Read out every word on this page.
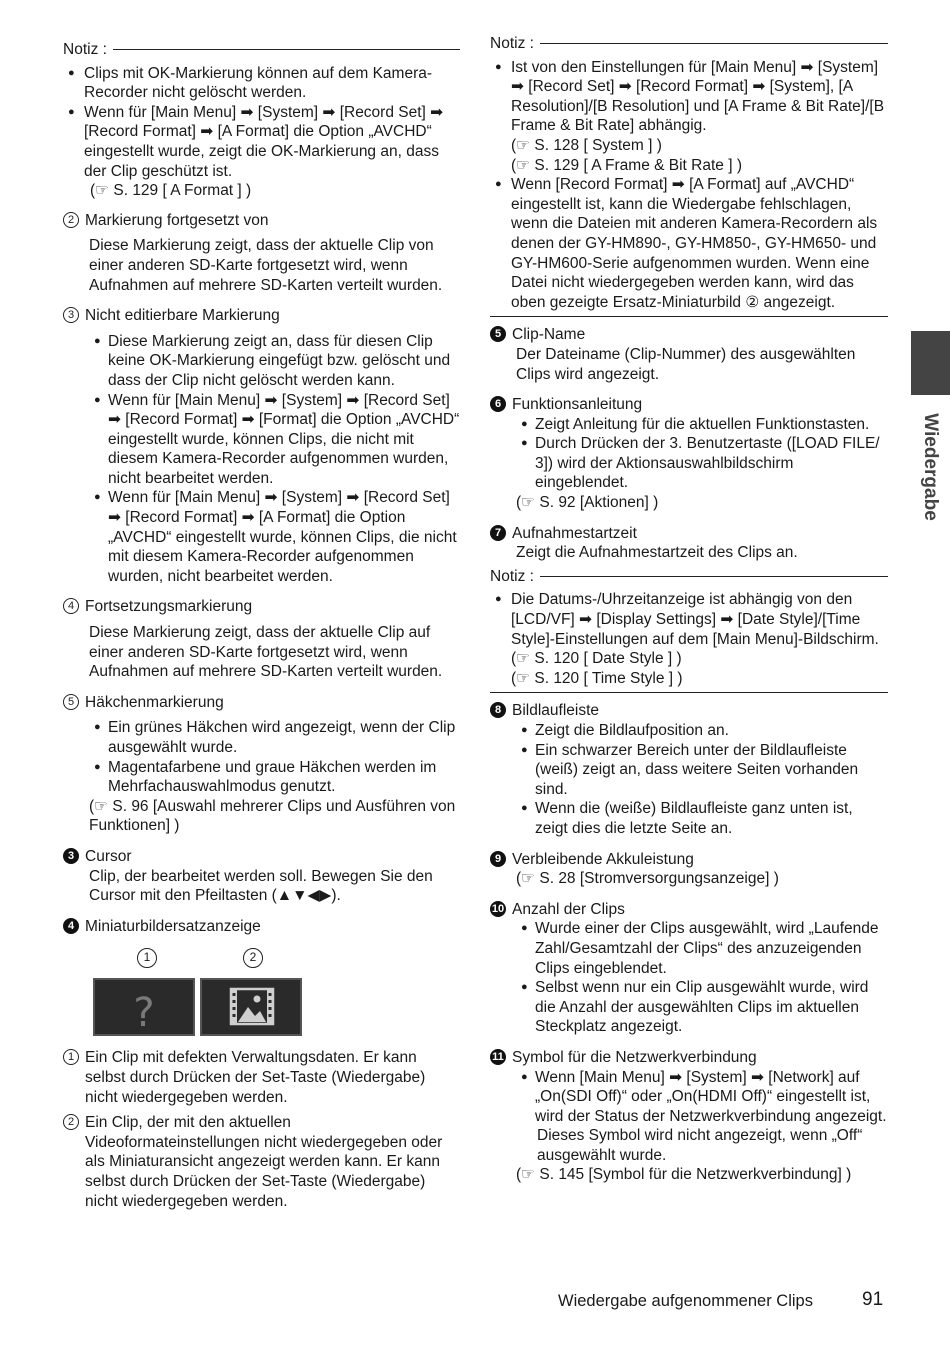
Notiz :
● Clips mit OK-Markierung können auf dem Kamera-Recorder nicht gelöscht werden.
● Wenn für [Main Menu] ➡ [System] ➡ [Record Set] ➡ [Record Format] ➡ [A Format] die Option „AVCHD“ eingestellt wurde, zeigt die OK-Markierung an, dass der Clip geschützt ist.
(☞ S. 129 [ A Format ] )
2 Markierung fortgesetzt von
Diese Markierung zeigt, dass der aktuelle Clip von einer anderen SD-Karte fortgesetzt wird, wenn Aufnahmen auf mehrere SD-Karten verteilt wurden.
3 Nicht editierbare Markierung
● Diese Markierung zeigt an, dass für diesen Clip keine OK-Markierung eingefügt bzw. gelöscht und dass der Clip nicht gelöscht werden kann.
● Wenn für [Main Menu] ➡ [System] ➡ [Record Set] ➡ [Record Format] ➡ [Format] die Option „AVCHD“ eingestellt wurde, können Clips, die nicht mit diesem Kamera-Recorder aufgenommen wurden, nicht bearbeitet werden.
● Wenn für [Main Menu] ➡ [System] ➡ [Record Set] ➡ [Record Format] ➡ [A Format] die Option „AVCHD“ eingestellt wurde, können Clips, die nicht mit diesem Kamera-Recorder aufgenommen wurden, nicht bearbeitet werden.
4 Fortsetzungsmarkierung
Diese Markierung zeigt, dass der aktuelle Clip auf einer anderen SD-Karte fortgesetzt wird, wenn Aufnahmen auf mehrere SD-Karten verteilt wurden.
5 Häkchenmarkierung
● Ein grünes Häkchen wird angezeigt, wenn der Clip ausgewählt wurde.
● Magentafarbene und graue Häkchen werden im Mehrfachauswahlmodus genutzt.
(☞ S. 96 [Auswahl mehrerer Clips und Ausführen von Funktionen] )
3 Cursor
Clip, der bearbeitet werden soll. Bewegen Sie den Cursor mit den Pfeiltasten (▲▼◀▶).
4 Miniaturbildersatzanzeige
1	2
?
1 Ein Clip mit defekten Verwaltungsdaten. Er kann selbst durch Drücken der Set-Taste (Wiedergabe) nicht wiedergegeben werden.
2 Ein Clip, der mit den aktuellen Videoformateinstellungen nicht wiedergegeben oder als Miniaturansicht angezeigt werden kann. Er kann selbst durch Drücken der Set-Taste (Wiedergabe) nicht wiedergegeben werden.
Notiz :
● Ist von den Einstellungen für [Main Menu] ➡ [System] ➡ [Record Set] ➡ [Record Format] ➡ [System], [A Resolution]/[B Resolution] und [A Frame & Bit Rate]/[B Frame & Bit Rate] abhängig.
(☞ S. 128 [ System ] )
(☞ S. 129 [ A Frame & Bit Rate ] )
● Wenn [Record Format] ➡ [A Format] auf „AVCHD“ eingestellt ist, kann die Wiedergabe fehlschlagen, wenn die Dateien mit anderen Kamera-Recordern als denen der GY-HM890-, GY-HM850-, GY-HM650- und GY-HM600-Serie aufgenommen wurden. Wenn eine Datei nicht wiedergegeben werden kann, wird das oben gezeigte Ersatz-Miniaturbild ② angezeigt.
5 Clip-Name
Der Dateiname (Clip-Nummer) des ausgewählten Clips wird angezeigt.
6 Funktionsanleitung
● Zeigt Anleitung für die aktuellen Funktionstasten.
● Durch Drücken der 3. Benutzertaste ([LOAD FILE/ 3]) wird der Aktionsauswahlbildschirm eingeblendet.
(☞ S. 92 [Aktionen] )
7 Aufnahmestartzeit
Zeigt die Aufnahmestartzeit des Clips an.
Notiz :
● Die Datums-/Uhrzeitanzeige ist abhängig von den [LCD/VF] ➡ [Display Settings] ➡ [Date Style]/[Time Style]-Einstellungen auf dem [Main Menu]-Bildschirm.
(☞ S. 120 [ Date Style ] )
(☞ S. 120 [ Time Style ] )
8 Bildlaufleiste
● Zeigt die Bildlaufposition an.
● Ein schwarzer Bereich unter der Bildlaufleiste (weiß) zeigt an, dass weitere Seiten vorhanden sind.
● Wenn die (weiße) Bildlaufleiste ganz unten ist, zeigt dies die letzte Seite an.
9 Verbleibende Akkuleistung
(☞ S. 28 [Stromversorgungsanzeige] )
10 Anzahl der Clips
● Wurde einer der Clips ausgewählt, wird „Laufende Zahl/Gesamtzahl der Clips“ des anzuzeigenden Clips eingeblendet.
● Selbst wenn nur ein Clip ausgewählt wurde, wird die Anzahl der ausgewählten Clips im aktuellen Steckplatz angezeigt.
11 Symbol für die Netzwerkverbindung
● Wenn [Main Menu] ➡ [System] ➡ [Network] auf „On(SDI Off)“ oder „On(HDMI Off)“ eingestellt ist, wird der Status der Netzwerkverbindung angezeigt.
Dieses Symbol wird nicht angezeigt, wenn „Off“ ausgewählt wurde.
(☞ S. 145 [Symbol für die Netzwerkverbindung] )
Wiedergabe
Wiedergabe aufgenommener Clips	91
